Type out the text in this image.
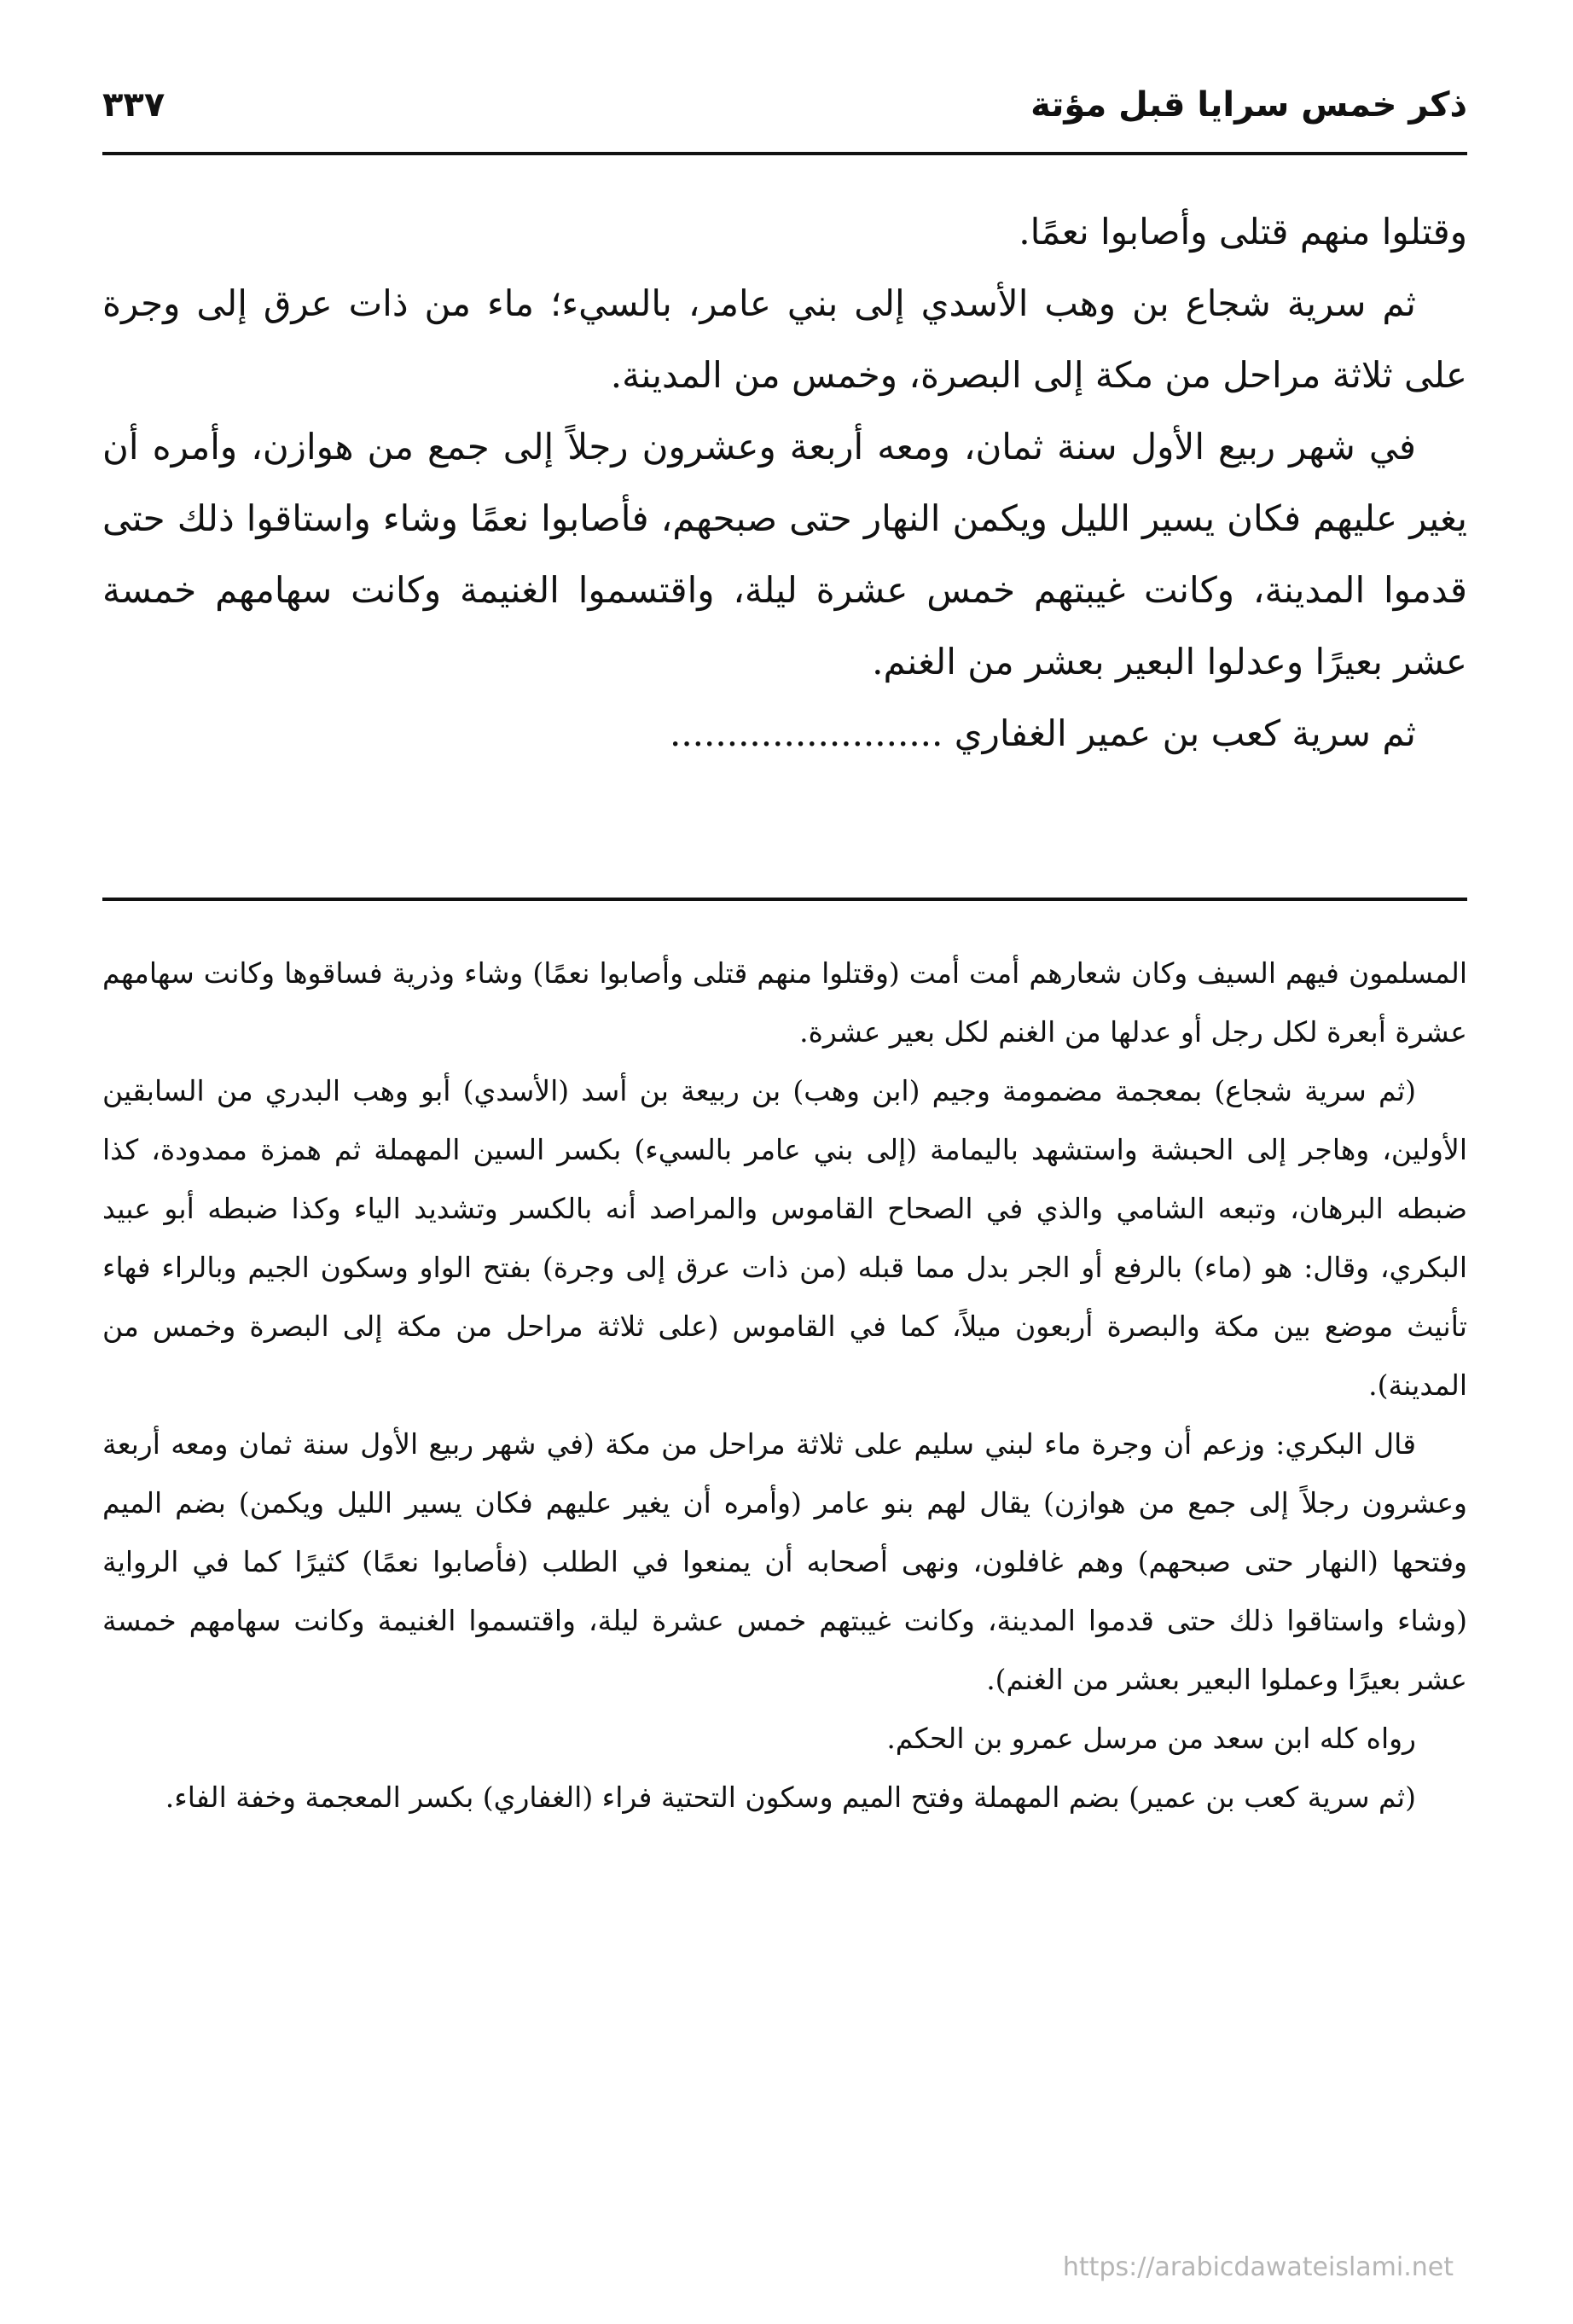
ذكر خمس سرايا قبل مؤتة
٣٣٧

وقتلوا منهم قتلى وأصابوا نعمًا.

ثم سرية شجاع بن وهب الأسدي إلى بني عامر، بالسيء؛ ماء من ذات عرق إلى وجرة على ثلاثة مراحل من مكة إلى البصرة، وخمس من المدينة.

في شهر ربيع الأول سنة ثمان، ومعه أربعة وعشرون رجلاً إلى جمع من هوازن، وأمره أن يغير عليهم فكان يسير الليل ويكمن النهار حتى صبحهم، فأصابوا نعمًا وشاء واستاقوا ذلك حتى قدموا المدينة، وكانت غيبتهم خمس عشرة ليلة، واقتسموا الغنيمة وكانت سهامهم خمسة عشر بعيرًا وعدلوا البعير بعشر من الغنم.

ثم سرية كعب بن عمير الغفاري ........................

المسلمون فيهم السيف وكان شعارهم أمت أمت (وقتلوا منهم قتلى وأصابوا نعمًا) وشاء وذرية فساقوها وكانت سهامهم عشرة أبعرة لكل رجل أو عدلها من الغنم لكل بعير عشرة.

(ثم سرية شجاع) بمعجمة مضمومة وجيم (ابن وهب) بن ربيعة بن أسد (الأسدي) أبو وهب البدري من السابقين الأولين، وهاجر إلى الحبشة واستشهد باليمامة (إلى بني عامر بالسيء) بكسر السين المهملة ثم همزة ممدودة، كذا ضبطه البرهان، وتبعه الشامي والذي في الصحاح القاموس والمراصد أنه بالكسر وتشديد الياء وكذا ضبطه أبو عبيد البكري، وقال: هو (ماء) بالرفع أو الجر بدل مما قبله (من ذات عرق إلى وجرة) بفتح الواو وسكون الجيم وبالراء فهاء تأنيث موضع بين مكة والبصرة أربعون ميلاً، كما في القاموس (على ثلاثة مراحل من مكة إلى البصرة وخمس من المدينة).

قال البكري: وزعم أن وجرة ماء لبني سليم على ثلاثة مراحل من مكة (في شهر ربيع الأول سنة ثمان ومعه أربعة وعشرون رجلاً إلى جمع من هوازن) يقال لهم بنو عامر (وأمره أن يغير عليهم فكان يسير الليل ويكمن) بضم الميم وفتحها (النهار حتى صبحهم) وهم غافلون، ونهى أصحابه أن يمنعوا في الطلب (فأصابوا نعمًا) كثيرًا كما في الرواية (وشاء واستاقوا ذلك حتى قدموا المدينة، وكانت غيبتهم خمس عشرة ليلة، واقتسموا الغنيمة وكانت سهامهم خمسة عشر بعيرًا وعملوا البعير بعشر من الغنم).

رواه كله ابن سعد من مرسل عمرو بن الحكم.

(ثم سرية كعب بن عمير) بضم المهملة وفتح الميم وسكون التحتية فراء (الغفاري) بكسر المعجمة وخفة الفاء.

https://arabicdawateislami.net
